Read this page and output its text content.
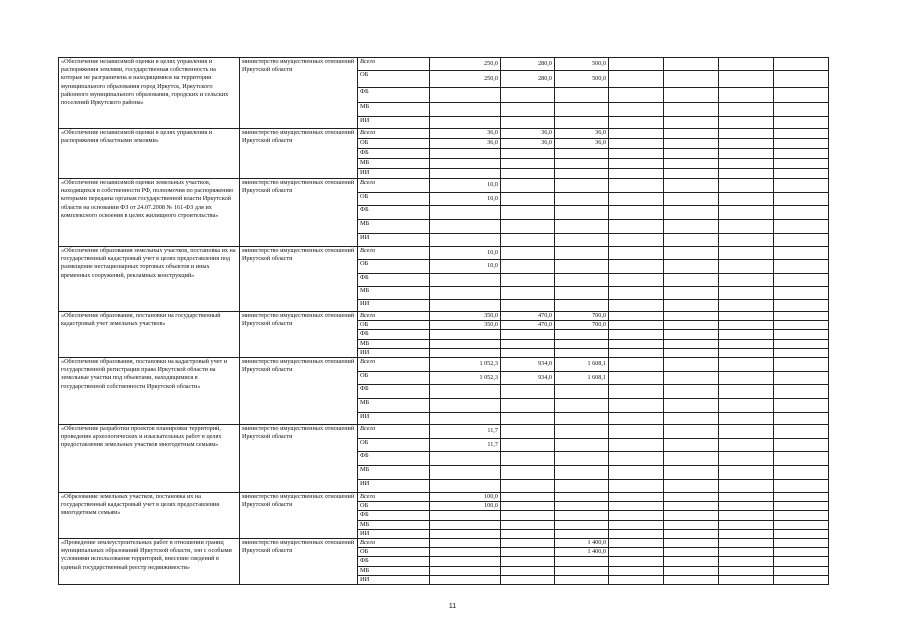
«Обеспечение независимой оценки в целях управления и распоряжения землями, государственная собственность на которые не разграничена и находящимися на территории муниципального образования город Иркутск, Иркутского районного муниципального образования, городских и сельских поселений Иркутского района»	министерство имущественных отношений Иркутской области	Всего	250,0	280,0	500,0				
		ОБ	250,0	280,0	500,0				
		ФБ							
		МБ							
		ИИ							
«Обеспечение независимой оценки в целях управления и распоряжения областными землями»	министерство имущественных отношений Иркутской области	Всего	36,0	36,0	36,0				
		ОБ	36,0	36,0	36,0				
		ФБ							
		МБ							
		ИИ							
«Обеспечение независимой оценки земельных участков, находящихся в собственности РФ, полномочия по распоряжению которыми переданы органам государственной власти Иркутской области на основании ФЗ от 24.07.2008 № 161-ФЗ для их комплексного освоения в целях жилищного строительства»	министерство имущественных отношений Иркутской области	Всего	10,0						
		ОБ	10,0						
		ФБ							
		МБ							
		ИИ							
«Обеспечение образования земельных участков, постановка их на государственный кадастровый учет в целях предоставления под размещение нестационарных торговых объектов и иных временных сооружений, рекламных конструкций»	министерство имущественных отношений Иркутской области	Всего	10,0						
		ОБ	10,0						
		ФБ							
		МБ							
		ИИ							
«Обеспечение образования, постановки на государственный кадастровый учет земельных участков»	министерство имущественных отношений Иркутской области	Всего	350,0	470,0	700,0				
		ОБ	350,0	470,0	700,0				
		ФБ							
		МБ							
		ИИ							
«Обеспечение образования, постановки на кадастровый учет и государственной регистрации права Иркутской области на земельные участки под объектами, находящимися в государственной собственности Иркутской области»	министерство имущественных отношений Иркутской области	Всего	1 052,3	934,0	1 608,1				
		ОБ	1 052,3	934,0	1 608,1				
		ФБ							
		МБ							
		ИИ							
«Обеспечение разработки проектов планировки территорий, проведение археологических и изыскательных работ в целях предоставления земельных участков многодетным семьям»	министерство имущественных отношений Иркутской области	Всего	11,7						
		ОБ	11,7						
		ФБ							
		МБ							
		ИИ							
«Образование земельных участков, постановка их на государственный кадастровый учет в целях предоставления многодетным семьям»	министерство имущественных отношений Иркутской области	Всего	100,0						
		ОБ	100,0						
		ФБ							
		МБ							
		ИИ							
«Проведение землеустроительных работ в отношении границ муниципальных образований Иркутской области, зон с особыми условиями использования территорий, внесение сведений в единый государственный реестр недвижимости»	министерство имущественных отношений Иркутской области	Всего			1 400,0				
		ОБ			1 400,0				
		ФБ							
		МБ							
		ИИ							
11
